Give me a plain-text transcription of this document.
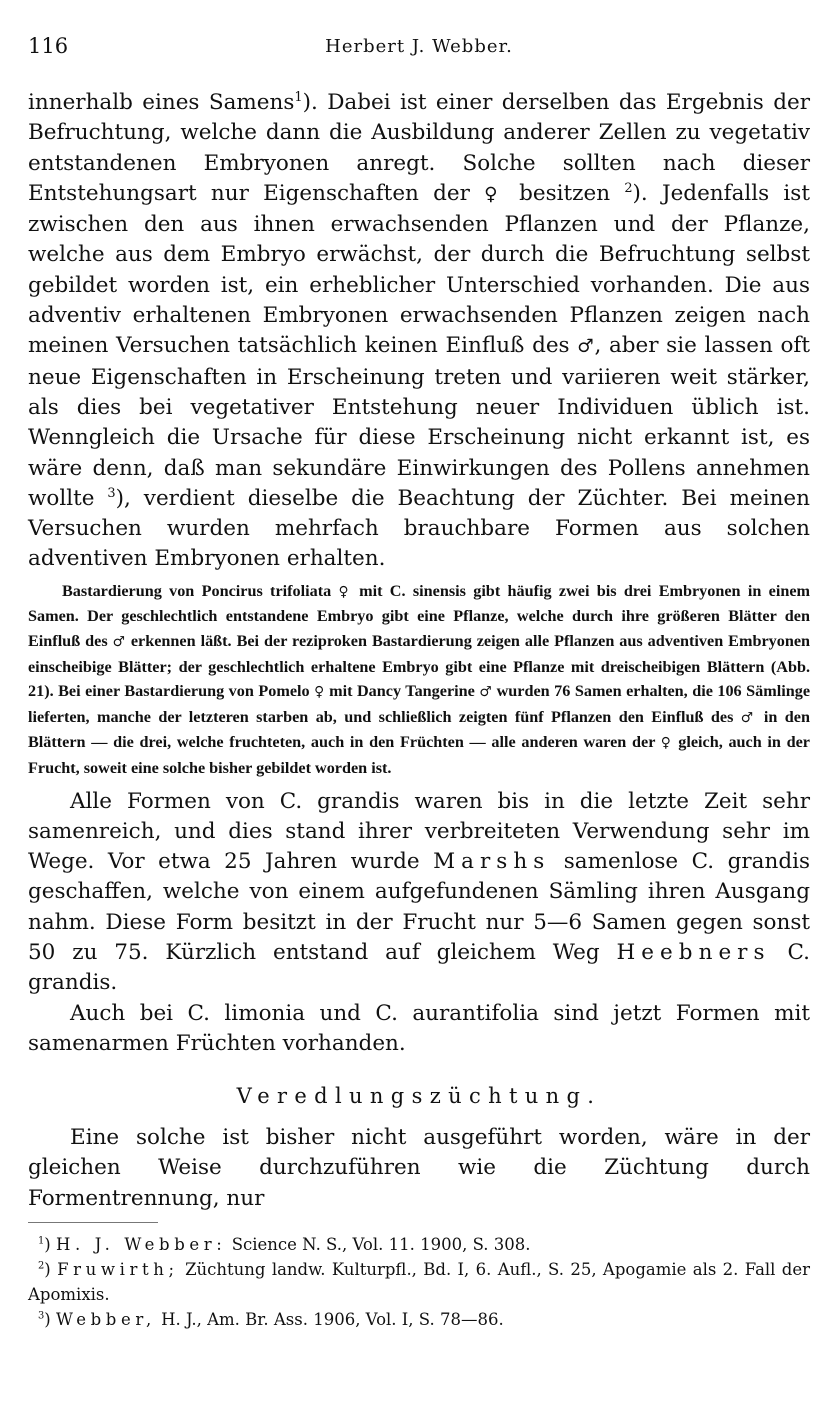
116	Herbert J. Webber.

innerhalb eines Samens$^1$). Dabei ist einer derselben das Ergebnis der Befruchtung, welche dann die Ausbildung anderer Zellen zu vegetativ entstandenen Embryonen anregt. Solche sollten nach dieser Entstehungsart nur Eigenschaften der ♀ besitzen $^2$). Jedenfalls ist zwischen den aus ihnen erwachsenden Pflanzen und der Pflanze, welche aus dem Embryo erwächst, der durch die Befruchtung selbst gebildet worden ist, ein erheblicher Unterschied vorhanden. Die aus adventiv erhaltenen Embryonen erwachsenden Pflanzen zeigen nach meinen Versuchen tatsächlich keinen Einfluß des ♂, aber sie lassen oft neue Eigenschaften in Erscheinung treten und variieren weit stärker, als dies bei vegetativer Entstehung neuer Individuen üblich ist. Wenngleich die Ursache für diese Erscheinung nicht erkannt ist, es wäre denn, daß man sekundäre Einwirkungen des Pollens annehmen wollte $^3$), verdient dieselbe die Beachtung der Züchter. Bei meinen Versuchen wurden mehrfach brauchbare Formen aus solchen adventiven Embryonen erhalten.

Bastardierung von Poncirus trifoliata ♀ mit C. sinensis gibt häufig zwei bis drei Embryonen in einem Samen. Der geschlechtlich entstandene Embryo gibt eine Pflanze, welche durch ihre größeren Blätter den Einfluß des ♂ erkennen läßt. Bei der reziproken Bastardierung zeigen alle Pflanzen aus adventiven Embryonen einscheibige Blätter; der geschlechtlich erhaltene Embryo gibt eine Pflanze mit dreischeibigen Blättern (Abb. 21). Bei einer Bastardierung von Pomelo ♀ mit Dancy Tangerine ♂ wurden 76 Samen erhalten, die 106 Sämlinge lieferten, manche der letzteren starben ab, und schließlich zeigten fünf Pflanzen den Einfluß des ♂ in den Blättern — die drei, welche fruchteten, auch in den Früchten — alle anderen waren der ♀ gleich, auch in der Frucht, soweit eine solche bisher gebildet worden ist.

Alle Formen von C. grandis waren bis in die letzte Zeit sehr samenreich, und dies stand ihrer verbreiteten Verwendung sehr im Wege. Vor etwa 25 Jahren wurde Marshs samenlose C. grandis geschaffen, welche von einem aufgefundenen Sämling ihren Ausgang nahm. Diese Form besitzt in der Frucht nur 5—6 Samen gegen sonst 50 zu 75. Kürzlich entstand auf gleichem Weg Heebners C. grandis.

Auch bei C. limonia und C. aurantifolia sind jetzt Formen mit samenarmen Früchten vorhanden.

Veredlungszüchtung.

Eine solche ist bisher nicht ausgeführt worden, wäre in der gleichen Weise durchzuführen wie die Züchtung durch Formentrennung, nur

$^1$) H. J. Webber: Science N. S., Vol. 11. 1900, S. 308.

$^2$) Fruwirth; Züchtung landw. Kulturpfl., Bd. I, 6. Aufl., S. 25, Apogamie als 2. Fall der Apomixis.

$^3$) Webber, H. J., Am. Br. Ass. 1906, Vol. I, S. 78—86.
